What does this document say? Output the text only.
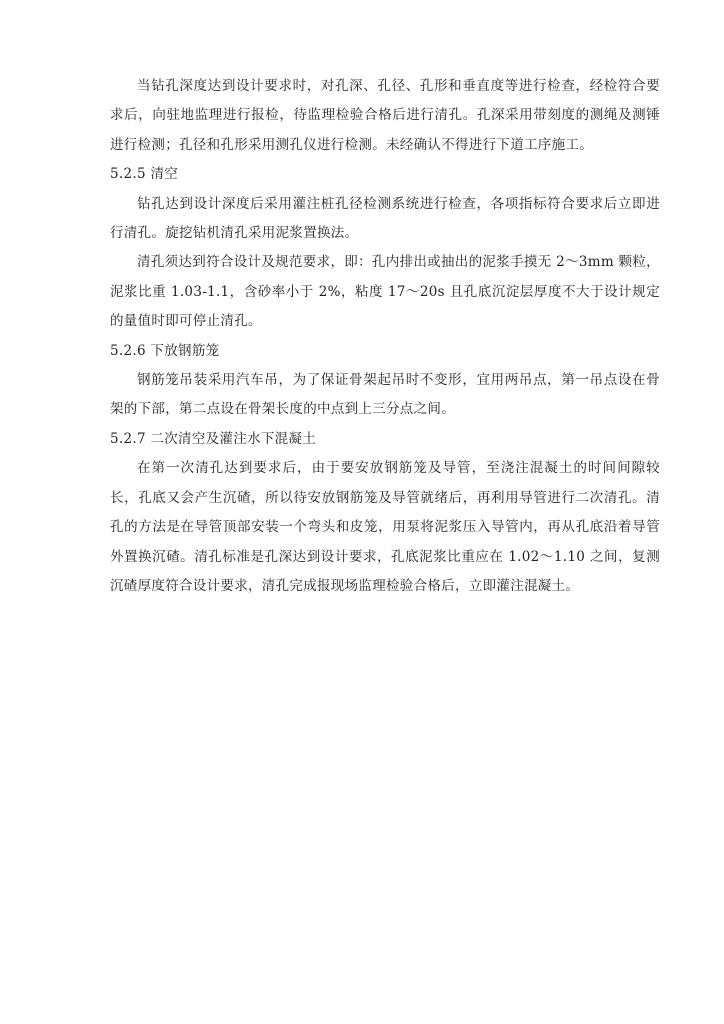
当钻孔深度达到设计要求时，对孔深、孔径、孔形和垂直度等进行检查，经检符合要求后，向驻地监理进行报检，待监理检验合格后进行清孔。孔深采用带刻度的测绳及测锤进行检测；孔径和孔形采用测孔仪进行检测。未经确认不得进行下道工序施工。

5.2.5 清空

钻孔达到设计深度后采用灌注桩孔径检测系统进行检查，各项指标符合要求后立即进行清孔。旋挖钻机清孔采用泥浆置换法。

清孔须达到符合设计及规范要求，即：孔内排出或抽出的泥浆手摸无 2～3mm 颗粒，泥浆比重 1.03-1.1，含砂率小于 2%，粘度 17～20s 且孔底沉淀层厚度不大于设计规定的量值时即可停止清孔。

5.2.6 下放钢筋笼

钢筋笼吊装采用汽车吊，为了保证骨架起吊时不变形，宜用两吊点，第一吊点设在骨架的下部，第二点设在骨架长度的中点到上三分点之间。

5.2.7 二次清空及灌注水下混凝土

在第一次清孔达到要求后，由于要安放钢筋笼及导管，至浇注混凝土的时间间隙较长，孔底又会产生沉碴，所以待安放钢筋笼及导管就绪后，再利用导管进行二次清孔。清孔的方法是在导管顶部安装一个弯头和皮笼，用泵将泥浆压入导管内，再从孔底沿着导管外置换沉碴。清孔标准是孔深达到设计要求，孔底泥浆比重应在 1.02～1.10 之间，复测沉碴厚度符合设计要求，清孔完成报现场监理检验合格后，立即灌注混凝土。
